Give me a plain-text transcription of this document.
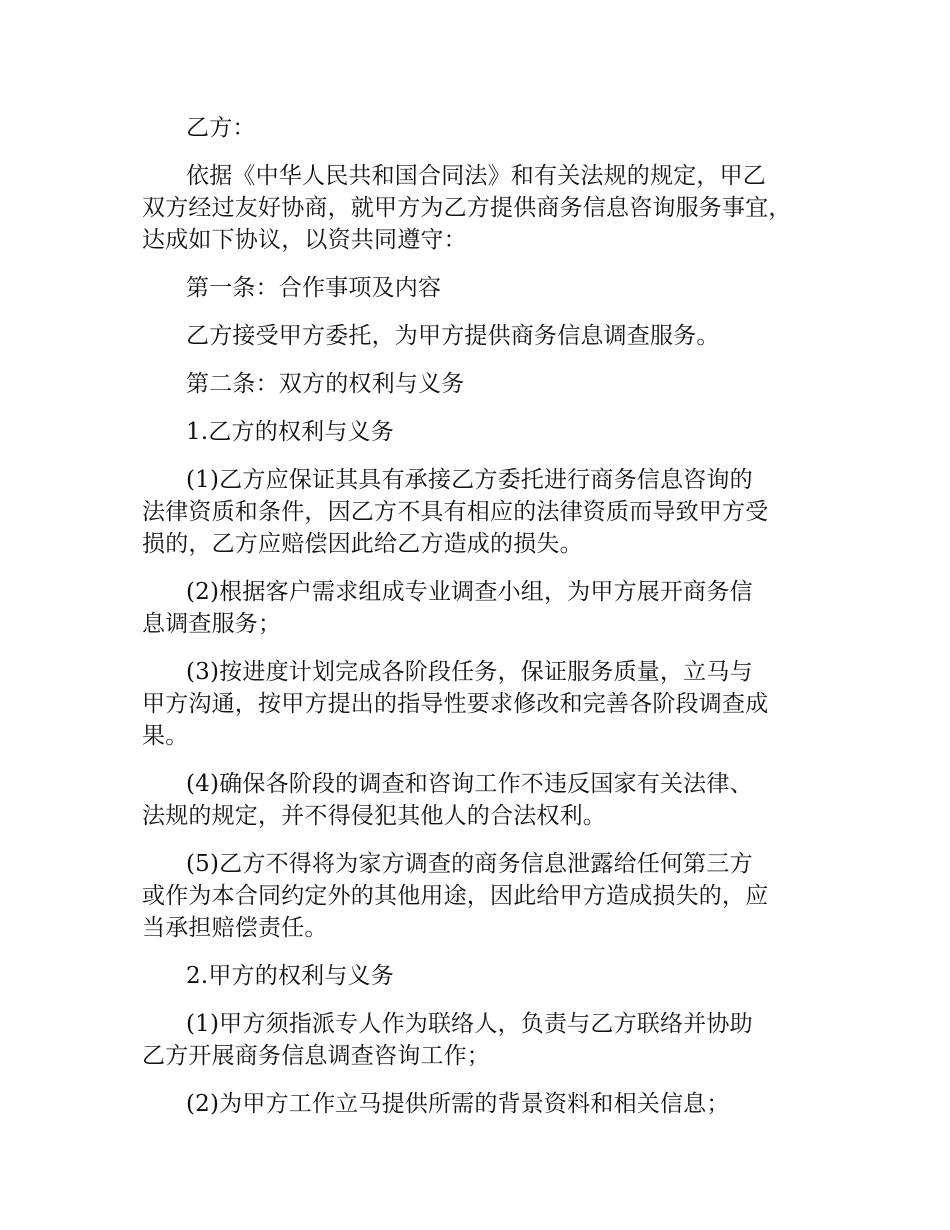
乙方：

依据《中华人民共和国合同法》和有关法规的规定，甲乙
双方经过友好协商，就甲方为乙方提供商务信息咨询服务事宜，
达成如下协议，以资共同遵守：

第一条：合作事项及内容

乙方接受甲方委托，为甲方提供商务信息调查服务。

第二条：双方的权利与义务

1.乙方的权利与义务

(1)乙方应保证其具有承接乙方委托进行商务信息咨询的
法律资质和条件，因乙方不具有相应的法律资质而导致甲方受
损的，乙方应赔偿因此给乙方造成的损失。

(2)根据客户需求组成专业调查小组，为甲方展开商务信
息调查服务；

(3)按进度计划完成各阶段任务，保证服务质量，立马与
甲方沟通，按甲方提出的指导性要求修改和完善各阶段调查成
果。

(4)确保各阶段的调查和咨询工作不违反国家有关法律、
法规的规定，并不得侵犯其他人的合法权利。

(5)乙方不得将为家方调查的商务信息泄露给任何第三方
或作为本合同约定外的其他用途，因此给甲方造成损失的，应
当承担赔偿责任。

2.甲方的权利与义务

(1)甲方须指派专人作为联络人，负责与乙方联络并协助
乙方开展商务信息调查咨询工作；

(2)为甲方工作立马提供所需的背景资料和相关信息；
